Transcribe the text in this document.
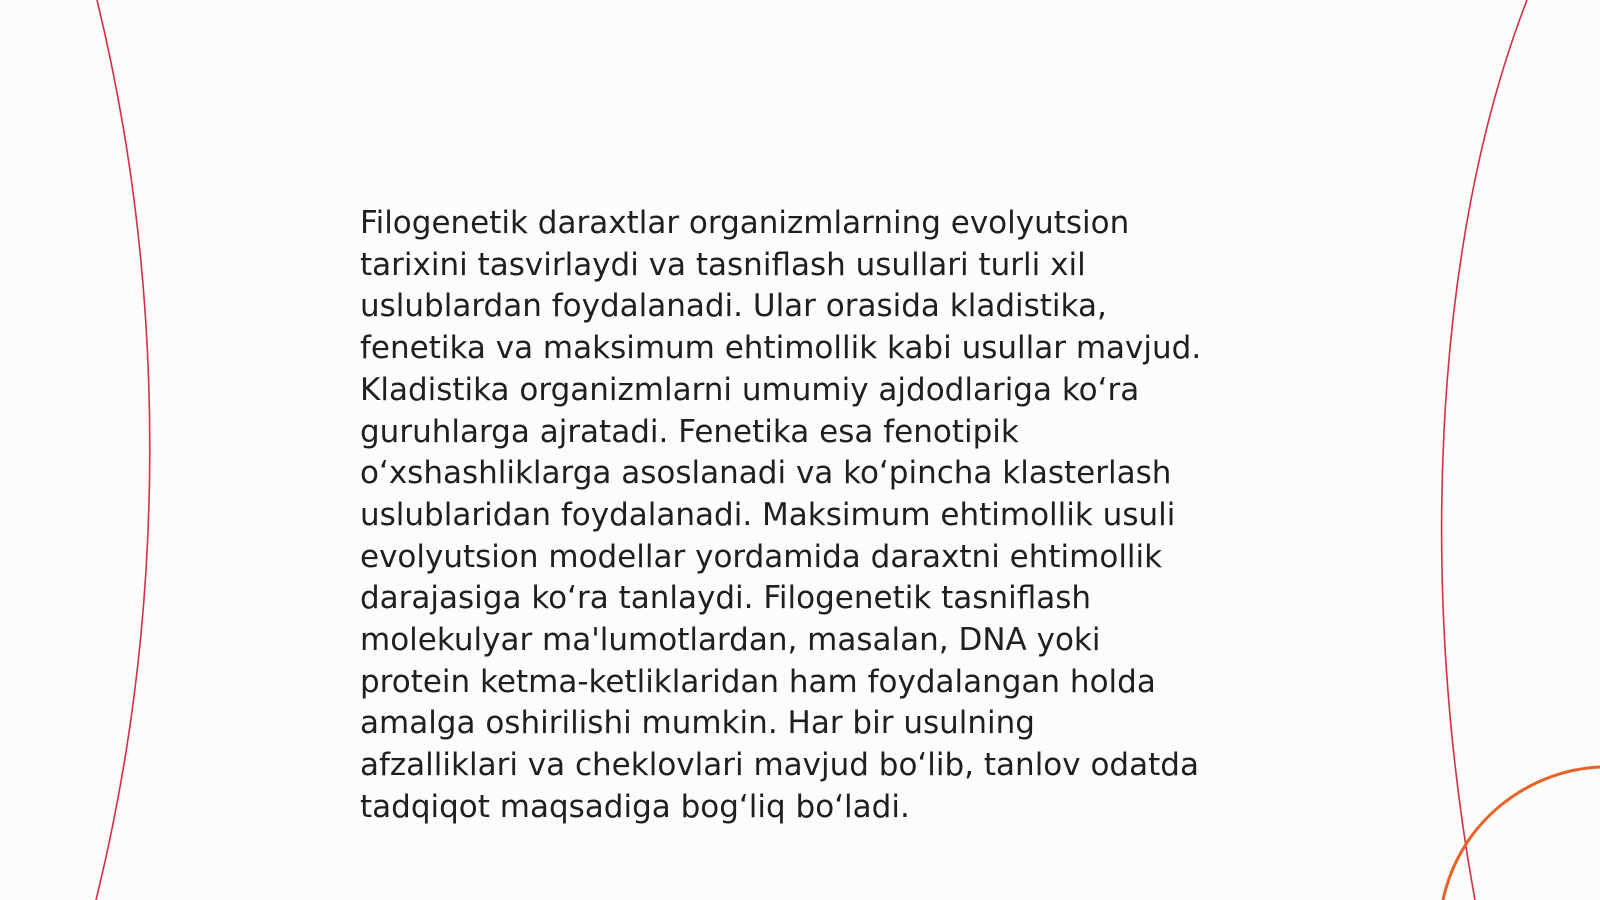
Filogenetik daraxtlar organizmlarning evolyutsion
tarixini tasvirlaydi va tasniflash usullari turli xil
uslublardan foydalanadi. Ular orasida kladistika,
fenetika va maksimum ehtimollik kabi usullar mavjud.
Kladistika organizmlarni umumiy ajdodlariga koʻra
guruhlarga ajratadi. Fenetika esa fenotipik
oʻxshashliklarga asoslanadi va koʻpincha klasterlash
uslublaridan foydalanadi. Maksimum ehtimollik usuli
evolyutsion modellar yordamida daraxtni ehtimollik
darajasiga koʻra tanlaydi. Filogenetik tasniflash
molekulyar ma'lumotlardan, masalan, DNA yoki
protein ketma-ketliklaridan ham foydalangan holda
amalga oshirilishi mumkin. Har bir usulning
afzalliklari va cheklovlari mavjud boʻlib, tanlov odatda
tadqiqot maqsadiga bogʻliq boʻladi.
